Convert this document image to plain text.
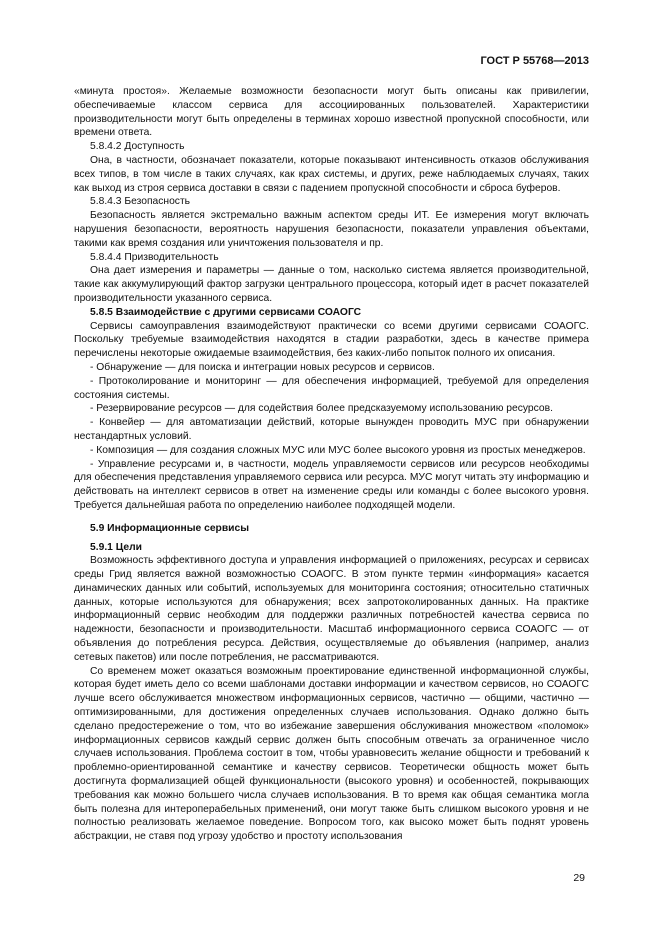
ГОСТ Р 55768—2013

«минута простоя». Желаемые возможности безопасности могут быть описаны как привилегии, обеспечиваемые классом сервиса для ассоциированных пользователей. Характеристики производительности могут быть определены в терминах хорошо известной пропускной способности, или времени ответа.

5.8.4.2 Доступность

Она, в частности, обозначает показатели, которые показывают интенсивность отказов обслуживания всех типов, в том числе в таких случаях, как крах системы, и других, реже наблюдаемых случаях, таких как выход из строя сервиса доставки в связи с падением пропускной способности и сброса буферов.

5.8.4.3 Безопасность

Безопасность является экстремально важным аспектом среды ИТ. Ее измерения могут включать нарушения безопасности, вероятность нарушения безопасности, показатели управления объектами, такими как время создания или уничтожения пользователя и пр.

5.8.4.4 Призводительность

Она дает измерения и параметры — данные о том, насколько система является производительной, такие как аккумулирующий фактор загрузки центрального процессора, который идет в расчет показателей производительности указанного сервиса.

5.8.5 Взаимодействие с другими сервисами СОАОГС

Сервисы самоуправления взаимодействуют практически со всеми другими сервисами СОАОГС. Поскольку требуемые взаимодействия находятся в стадии разработки, здесь в качестве примера перечислены некоторые ожидаемые взаимодействия, без каких-либо попыток полного их описания.

- Обнаружение — для поиска и интеграции новых ресурсов и сервисов.

- Протоколирование и мониторинг — для обеспечения информацией, требуемой для определения состояния системы.

- Резервирование ресурсов — для содействия более предсказуемому использованию ресурсов.

- Конвейер — для автоматизации действий, которые вынужден проводить МУС при обнаружении нестандартных условий.

- Композиция — для создания сложных МУС или МУС более высокого уровня из простых менеджеров.

- Управление ресурсами и, в частности, модель управляемости сервисов или ресурсов необходимы для обеспечения представления управляемого сервиса или ресурса. МУС могут читать эту информацию и действовать на интеллект сервисов в ответ на изменение среды или команды с более высокого уровня. Требуется дальнейшая работа по определению наиболее подходящей модели.

5.9 Информационные сервисы

5.9.1 Цели

Возможность эффективного доступа и управления информацией о приложениях, ресурсах и сервисах среды Грид является важной возможностью СОАОГС. В этом пункте термин «информация» касается динамических данных или событий, используемых для мониторинга состояния; относительно статичных данных, которые используются для обнаружения; всех запротоколированных данных. На практике информационный сервис необходим для поддержки различных потребностей качества сервиса по надежности, безопасности и производительности. Масштаб информационного сервиса СОАОГС — от объявления до потребления ресурса. Действия, осуществляемые до объявления (например, анализ сетевых пакетов) или после потребления, не рассматриваются.

Со временем может оказаться возможным проектирование единственной информационной службы, которая будет иметь дело со всеми шаблонами доставки информации и качеством сервисов, но СОАОГС лучше всего обслуживается множеством информационных сервисов, частично — общими, частично — оптимизированными, для достижения определенных случаев использования. Однако должно быть сделано предостережение о том, что во избежание завершения обслуживания множеством «поломок» информационных сервисов каждый сервис должен быть способным отвечать за ограниченное число случаев использования. Проблема состоит в том, чтобы уравновесить желание общности и требований к проблемно-ориентированной семантике и качеству сервисов. Теоретически общность может быть достигнута формализацией общей функциональности (высокого уровня) и особенностей, покрывающих требования как можно большего числа случаев использования. В то время как общая семантика могла быть полезна для интероперабельных применений, они могут также быть слишком высокого уровня и не полностью реализовать желаемое поведение. Вопросом того, как высоко может быть поднят уровень абстракции, не ставя под угрозу удобство и простоту использования

29
